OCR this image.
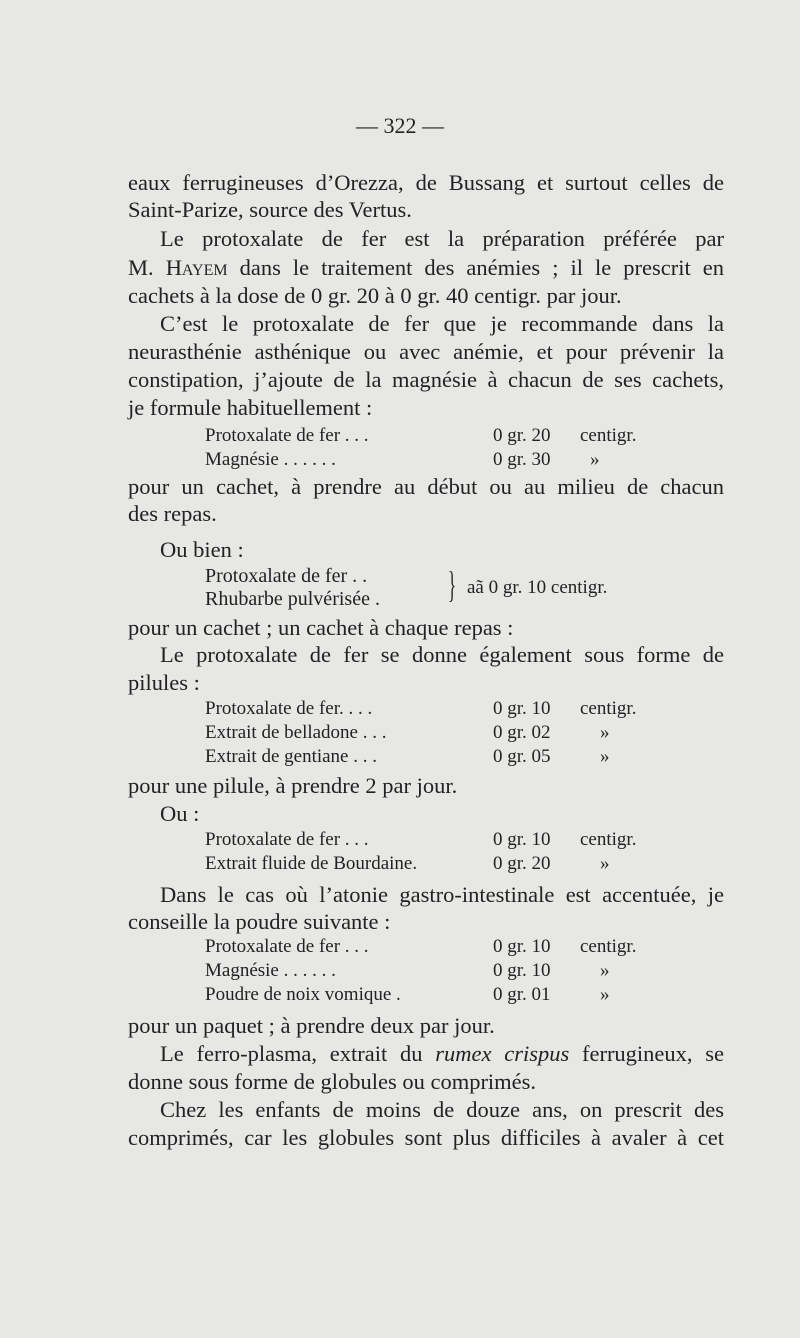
— 322 —
eaux ferrugineuses d’Orezza, de Bussang et surtout celles de
Saint-Parize, source des Vertus.
Le protoxalate de fer est la préparation préférée par
M. Hayem dans le traitement des anémies ; il le prescrit en
cachets à la dose de 0 gr. 20 à 0 gr. 40 centigr. par jour.
C’est le protoxalate de fer que je recommande dans la
neurasthénie asthénique ou avec anémie, et pour prévenir la
constipation, j’ajoute de la magnésie à chacun de ses cachets,
je formule habituellement :
Protoxalate de fer . . .	0 gr. 20 centigr.
Magnésie . . . . . .	0 gr. 30 »
pour un cachet, à prendre au début ou au milieu de chacun
des repas.
Ou bien :
Protoxalate de fer . .
Rhubarbe pulvérisée .	} aã 0 gr. 10 centigr.
pour un cachet ; un cachet à chaque repas :
Le protoxalate de fer se donne également sous forme de
pilules :
Protoxalate de fer. . . .	0 gr. 10 centigr.
Extrait de belladone . . .	0 gr. 02	»
Extrait de gentiane . . .	0 gr. 05	»
pour une pilule, à prendre 2 par jour.
Ou :
Protoxalate de fer . . .	0 gr. 10 centigr.
Extrait fluide de Bourdaine.	0 gr. 20	»
Dans le cas où l’atonie gastro-intestinale est accentuée, je
conseille la poudre suivante :
Protoxalate de fer . . .	0 gr. 10 centigr.
Magnésie . . . . . .	0 gr. 10	»
Poudre de noix vomique .	0 gr. 01	»
pour un paquet ; à prendre deux par jour.
Le ferro-plasma, extrait du rumex crispus ferrugineux, se
donne sous forme de globules ou comprimés.
Chez les enfants de moins de douze ans, on prescrit des
comprimés, car les globules sont plus difficiles à avaler à cet
